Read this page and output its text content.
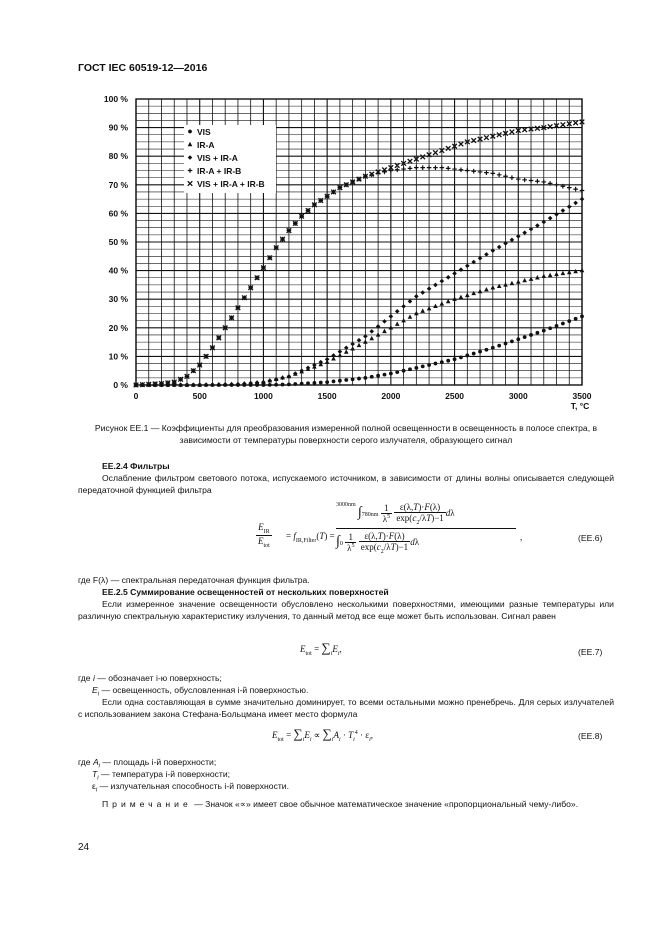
ГОСТ IEC 60519-12—2016
0 %
10 %
20 %
30 %
40 %
50 %
60 %
70 %
80 %
90 %
100 %
0	500	1000	1500	2000	2500	3000	3500
T, °C
VIS
IR-A
VIS + IR-A
IR-A + IR-B
VIS + IR-A + IR-B
Рисунок ЕЕ.1 — Коэффициенты для преобразования измеренной полной освещенности в освещенность в полосе спектра, в зависимости от температуры поверхности серого излучателя, образующего сигнал
ЕЕ.2.4 Фильтры
Ослабление фильтром светового потока, испускаемого источником, в зависимости от длины волны описывается следующей передаточной функцией фильтра
$E_{IR}$
$E_{tot}$
= $f_{IR,Filter}(T)$ =
$^{3000nm}$ $\int 780nm \frac{1}{\lambda^5}$
$\frac{\varepsilon(\lambda,T)\cdot F(\lambda)}{\exp(c_2/\lambda T)-1}$ dλ
$\int 0 \frac{1}{\lambda^5}$
$\frac{\varepsilon(\lambda,T)\cdot F(\lambda)}{\exp(c_2/\lambda T)-1}$ dλ	,	(ЕЕ.6)
где F(λ) — спектральная передаточная функция фильтра.
ЕЕ.2.5 Суммирование освещенностей от нескольких поверхностей
Если измеренное значение освещенности обусловлено несколькими поверхностями, имеющими разные температуры или различную спектральную характеристику излучения, то данный метод все еще может быть использован. Сигнал равен
$E_{tot} = \sum_iE_i$,	(ЕЕ.7)
где i — обозначает i-ю поверхность;
$E_i$ — освещенность, обусловленная i-й поверхностью.
Если одна составляющая в сумме значительно доминирует, то всеми остальными можно пренебречь. Для серых излучателей с использованием закона Стефана-Больцмана имеет место формула
$E_{tot} = \sum_iE_i \propto \sum_iA_i \cdot T_i^4 \cdot \varepsilon_i$,	(ЕЕ.8)
где $A_i$ — площадь i-й поверхности;
$T_i$ — температура i-й поверхности;
$\varepsilon_i$ — излучательная способность i-й поверхности.
Примечание — Значок «∝» имеет свое обычное математическое значение «пропорциональный чему-либо».
24
